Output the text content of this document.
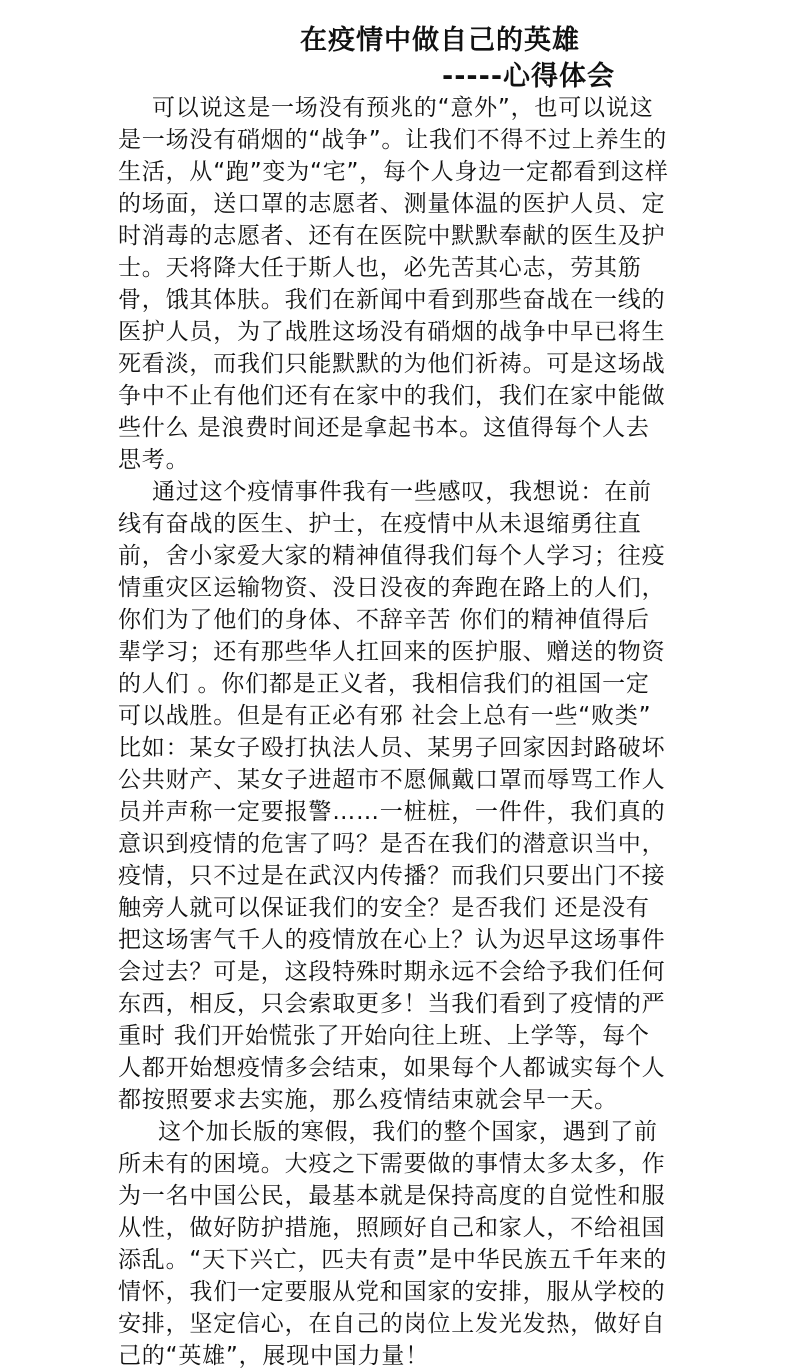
在疫情中做自己的英雄
-----心得体会
可以说这是一场没有预兆的“意外”，也可以说这
是一场没有硝烟的“战争”。让我们不得不过上养生的
生活，从“跑”变为“宅”，每个人身边一定都看到这样
的场面，送口罩的志愿者、测量体温的医护人员、定
时消毒的志愿者、还有在医院中默默奉献的医生及护
士。天将降大任于斯人也，必先苦其心志，劳其筋
骨，饿其体肤。我们在新闻中看到那些奋战在一线的
医护人员，为了战胜这场没有硝烟的战争中早已将生
死看淡，而我们只能默默的为他们祈祷。可是这场战
争中不止有他们还有在家中的我们，我们在家中能做
些什么 是浪费时间还是拿起书本。这值得每个人去
思考。
通过这个疫情事件我有一些感叹，我想说：在前
线有奋战的医生、护士，在疫情中从未退缩勇往直
前，舍小家爱大家的精神值得我们每个人学习；往疫
情重灾区运输物资、没日没夜的奔跑在路上的人们，
你们为了他们的身体、不辞辛苦 你们的精神值得后
辈学习；还有那些华人扛回来的医护服、赠送的物资
的人们 。你们都是正义者，我相信我们的祖国一定
可以战胜。但是有正必有邪 社会上总有一些“败类”
比如：某女子殴打执法人员、某男子回家因封路破坏
公共财产、某女子进超市不愿佩戴口罩而辱骂工作人
员并声称一定要报警……一桩桩，一件件，我们真的
意识到疫情的危害了吗？是否在我们的潜意识当中，
疫情，只不过是在武汉内传播？而我们只要出门不接
触旁人就可以保证我们的安全？是否我们 还是没有
把这场害气千人的疫情放在心上？认为迟早这场事件
会过去？可是，这段特殊时期永远不会给予我们任何
东西，相反，只会索取更多！当我们看到了疫情的严
重时 我们开始慌张了开始向往上班、上学等，每个
人都开始想疫情多会结束，如果每个人都诚实每个人
都按照要求去实施，那么疫情结束就会早一天。
这个加长版的寒假，我们的整个国家，遇到了前
所未有的困境。大疫之下需要做的事情太多太多，作
为一名中国公民，最基本就是保持高度的自觉性和服
从性，做好防护措施，照顾好自己和家人，不给祖国
添乱。“天下兴亡，匹夫有责”是中华民族五千年来的
情怀，我们一定要服从党和国家的安排，服从学校的
安排，坚定信心，在自己的岗位上发光发热，做好自
己的“英雄”，展现中国力量！
